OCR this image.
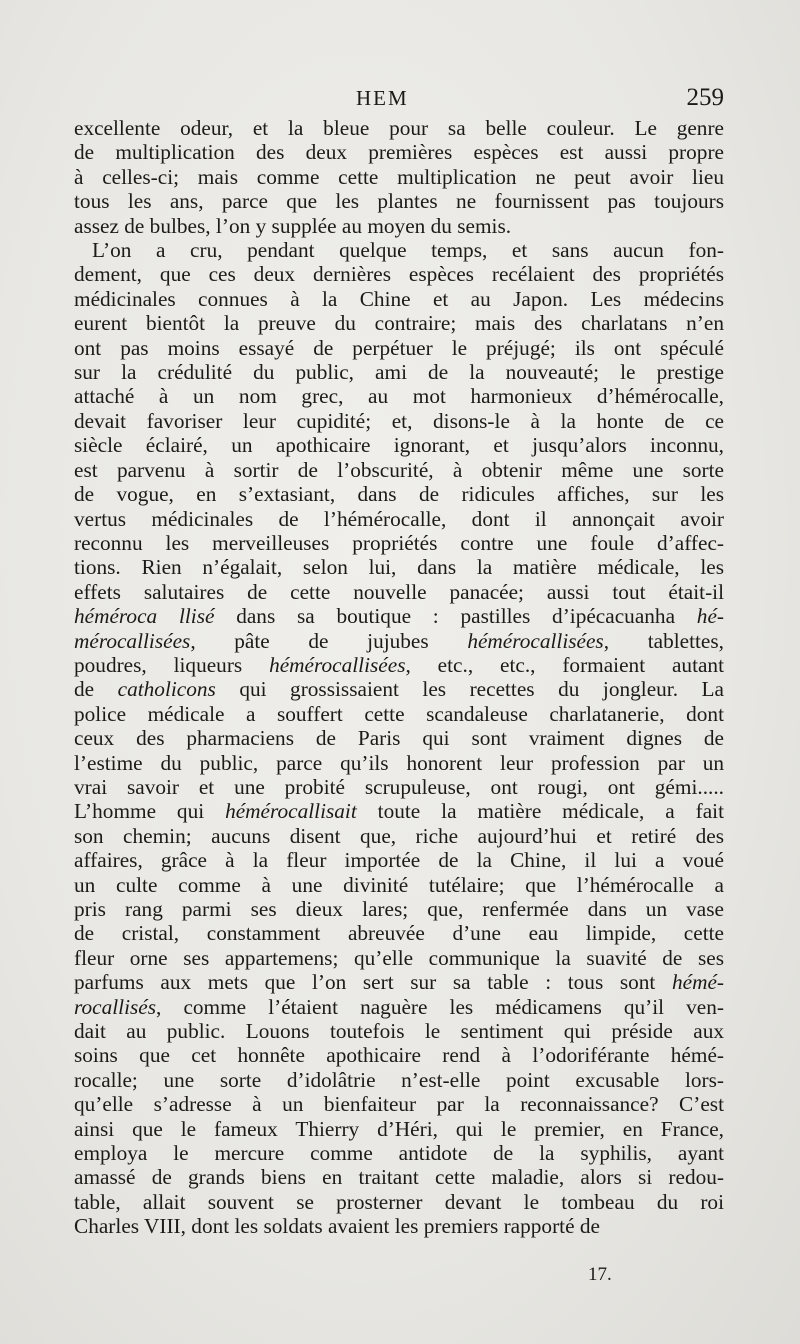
HEM	259
excellente odeur, et la bleue pour sa belle couleur. Le genre
de multiplication des deux premières espèces est aussi propre
à celles-ci; mais comme cette multiplication ne peut avoir lieu
tous les ans, parce que les plantes ne fournissent pas toujours
assez de bulbes, l’on y supplée au moyen du semis.
L’on a cru, pendant quelque temps, et sans aucun fon-
dement, que ces deux dernières espèces recélaient des propriétés
médicinales connues à la Chine et au Japon. Les médecins
eurent bientôt la preuve du contraire; mais des charlatans n’en
ont pas moins essayé de perpétuer le préjugé; ils ont spéculé
sur la crédulité du public, ami de la nouveauté; le prestige
attaché à un nom grec, au mot harmonieux d’hémérocalle,
devait favoriser leur cupidité; et, disons-le à la honte de ce
siècle éclairé, un apothicaire ignorant, et jusqu’alors inconnu,
est parvenu à sortir de l’obscurité, à obtenir même une sorte
de vogue, en s’extasiant, dans de ridicules affiches, sur les
vertus médicinales de l’hémérocalle, dont il annonçait avoir
reconnu les merveilleuses propriétés contre une foule d’affec-
tions. Rien n’égalait, selon lui, dans la matière médicale, les
effets salutaires de cette nouvelle panacée; aussi tout était-il
héméroca llisé dans sa boutique : pastilles d’ipécacuanha hé-
mérocallisées, pâte de jujubes hémérocallisées, tablettes,
poudres, liqueurs hémérocallisées, etc., etc., formaient autant
de catholicons qui grossissaient les recettes du jongleur. La
police médicale a souffert cette scandaleuse charlatanerie, dont
ceux des pharmaciens de Paris qui sont vraiment dignes de
l’estime du public, parce qu’ils honorent leur profession par un
vrai savoir et une probité scrupuleuse, ont rougi, ont gémi.....
L’homme qui hémérocallisait toute la matière médicale, a fait
son chemin; aucuns disent que, riche aujourd’hui et retiré des
affaires, grâce à la fleur importée de la Chine, il lui a voué
un culte comme à une divinité tutélaire; que l’hémérocalle a
pris rang parmi ses dieux lares; que, renfermée dans un vase
de cristal, constamment abreuvée d’une eau limpide, cette
fleur orne ses appartemens; qu’elle communique la suavité de ses
parfums aux mets que l’on sert sur sa table : tous sont hémé-
rocallisés, comme l’étaient naguère les médicamens qu’il ven-
dait au public. Louons toutefois le sentiment qui préside aux
soins que cet honnête apothicaire rend à l’odoriférante hémé-
rocalle; une sorte d’idolâtrie n’est-elle point excusable lors-
qu’elle s’adresse à un bienfaiteur par la reconnaissance? C’est
ainsi que le fameux Thierry d’Héri, qui le premier, en France,
employa le mercure comme antidote de la syphilis, ayant
amassé de grands biens en traitant cette maladie, alors si redou-
table, allait souvent se prosterner devant le tombeau du roi
Charles VIII, dont les soldats avaient les premiers rapporté de
17.
